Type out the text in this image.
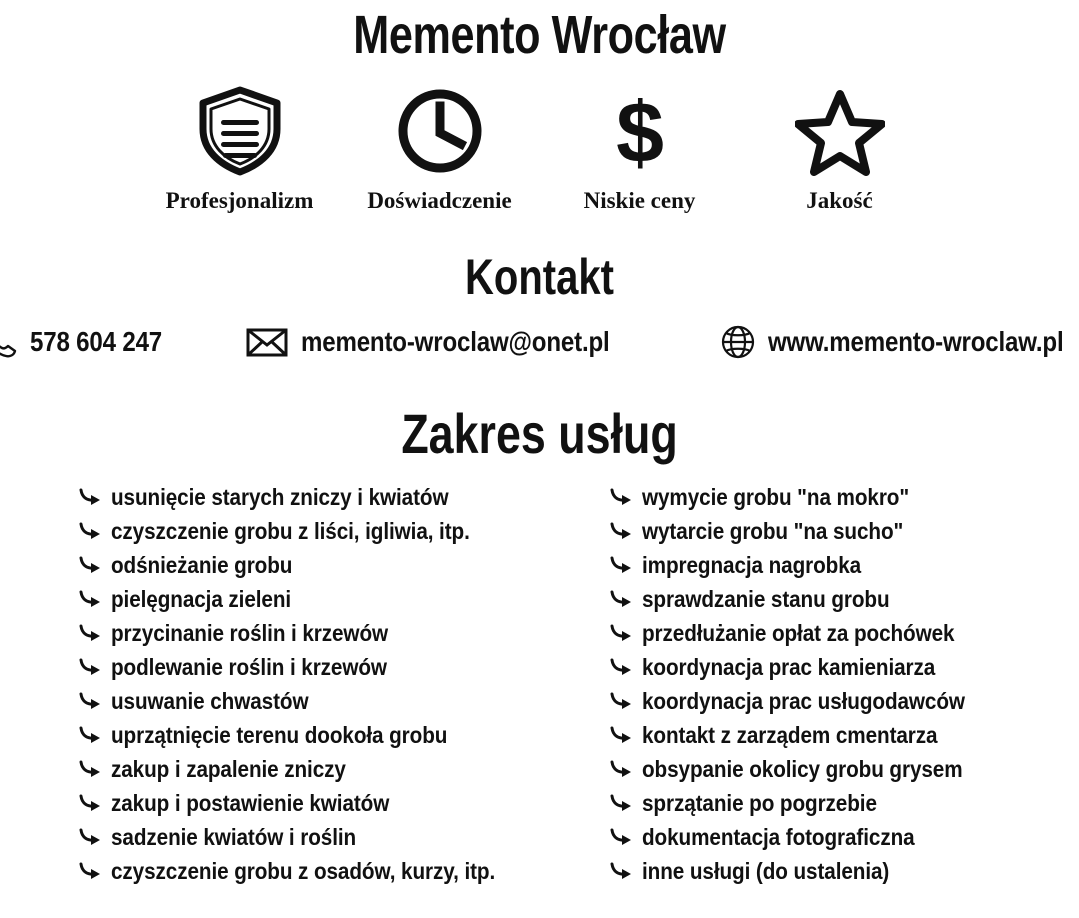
Memento Wrocław
Profesjonalizm Doświadczenie
$
Niskie ceny	Jakość
Kontakt
578 604 247	memento-wroclaw@onet.pl	www.memento-wroclaw.pl
Zakres usług
usunięcie starych zniczy i kwiatów
czyszczenie grobu z liści, igliwia, itp.
odśnieżanie grobu
pielęgnacja zieleni
przycinanie roślin i krzewów
podlewanie roślin i krzewów
usuwanie chwastów
uprzątnięcie terenu dookoła grobu
zakup i zapalenie zniczy
zakup i postawienie kwiatów
sadzenie kwiatów i roślin
czyszczenie grobu z osadów, kurzy, itp.
wymycie grobu "na mokro"
wytarcie grobu "na sucho"
impregnacja nagrobka
sprawdzanie stanu grobu
przedłużanie opłat za pochówek
koordynacja prac kamieniarza
koordynacja prac usługodawców
kontakt z zarządem cmentarza
obsypanie okolicy grobu grysem
sprzątanie po pogrzebie
dokumentacja fotograficzna
inne usługi (do ustalenia)
